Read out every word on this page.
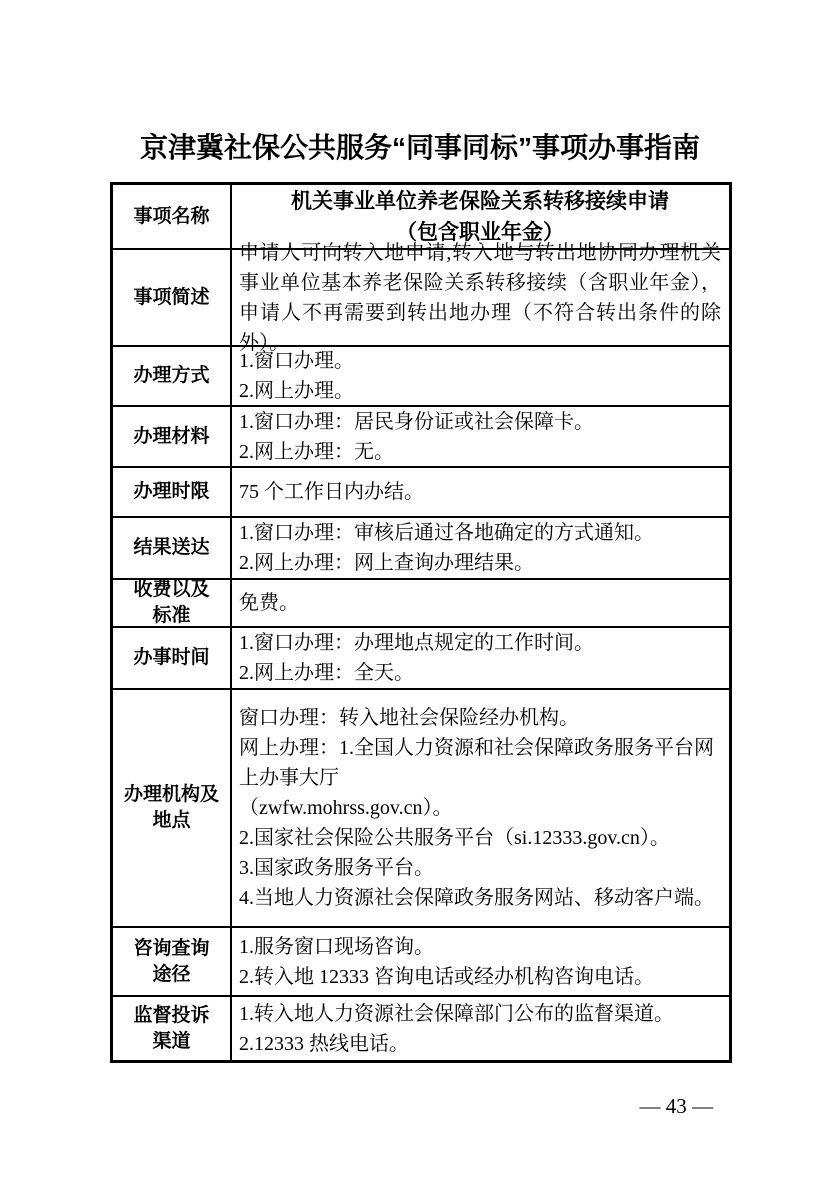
京津冀社保公共服务“同事同标”事项办事指南
事项名称
机关事业单位养老保险关系转移接续申请
（包含职业年金）
事项简述
申请人可向转入地申请,转入地与转出地协同办理机关事业单位基本养老保险关系转移接续（含职业年金），申请人不再需要到转出地办理（不符合转出条件的除外）。
办理方式
1.窗口办理。
2.网上办理。
办理材料
1.窗口办理：居民身份证或社会保障卡。
2.网上办理：无。
办理时限 75 个工作日内办结。
结果送达
1.窗口办理：审核后通过各地确定的方式通知。
2.网上办理：网上查询办理结果。
收费以及
标准
免费。
办事时间
1.窗口办理：办理地点规定的工作时间。
2.网上办理：全天。
办理机构及
地点
窗口办理：转入地社会保险经办机构。
网上办理：1.全国人力资源和社会保障政务服务平台网上办事大厅
（zwfw.mohrss.gov.cn）。
2.国家社会保险公共服务平台（si.12333.gov.cn）。
3.国家政务服务平台。
4.当地人力资源社会保障政务服务网站、移动客户端。
咨询查询
途径
1.服务窗口现场咨询。
2.转入地 12333 咨询电话或经办机构咨询电话。
监督投诉
渠道
1.转入地人力资源社会保障部门公布的监督渠道。
2.12333 热线电话。
— 43 —
